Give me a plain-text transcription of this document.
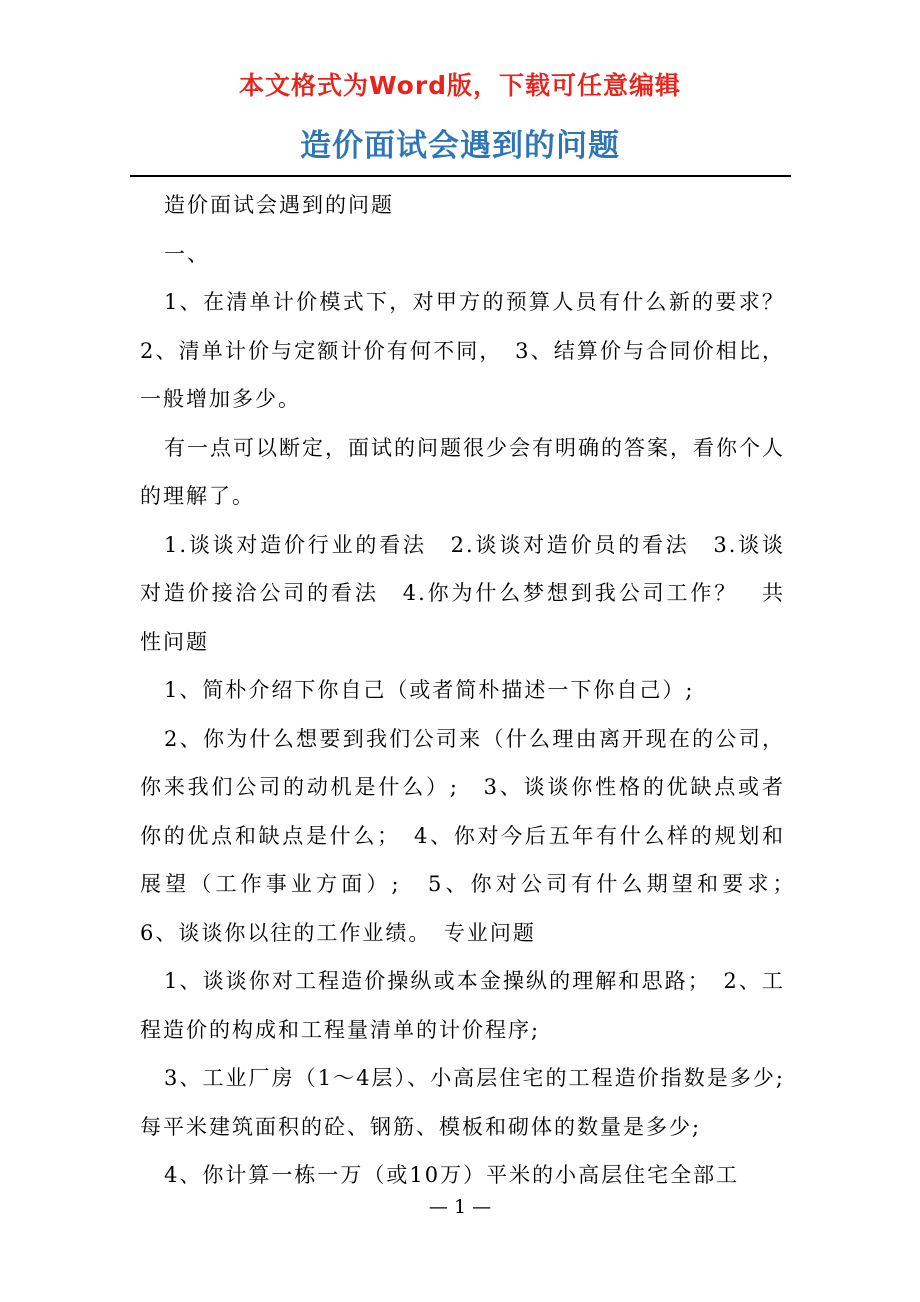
本文格式为Word版，下载可任意编辑
造价面试会遇到的问题

造价面试会遇到的问题

一、

1、在清单计价模式下，对甲方的预算人员有什么新的要求？　2、清单计价与定额计价有何不同，　3、结算价与合同价相比，一般增加多少。

有一点可以断定，面试的问题很少会有明确的答案，看你个人的理解了。

1.谈谈对造价行业的看法　2.谈谈对造价员的看法　3.谈谈对造价接洽公司的看法　4.你为什么梦想到我公司工作？　共性问题

1、简朴介绍下你自己（或者简朴描述一下你自己）;

2、你为什么想要到我们公司来（什么理由离开现在的公司，你来我们公司的动机是什么）;　3、谈谈你性格的优缺点或者你的优点和缺点是什么；　4、你对今后五年有什么样的规划和展望（工作事业方面）;　5、你对公司有什么期望和要求；　6、谈谈你以往的工作业绩。　专业问题

1、谈谈你对工程造价操纵或本金操纵的理解和思路；　2、工程造价的构成和工程量清单的计价程序;

3、工业厂房（1～4层）、小高层住宅的工程造价指数是多少; 每平米建筑面积的砼、钢筋、模板和砌体的数量是多少;

4、你计算一栋一万（或10万）平米的小高层住宅全部工

— 1 —
